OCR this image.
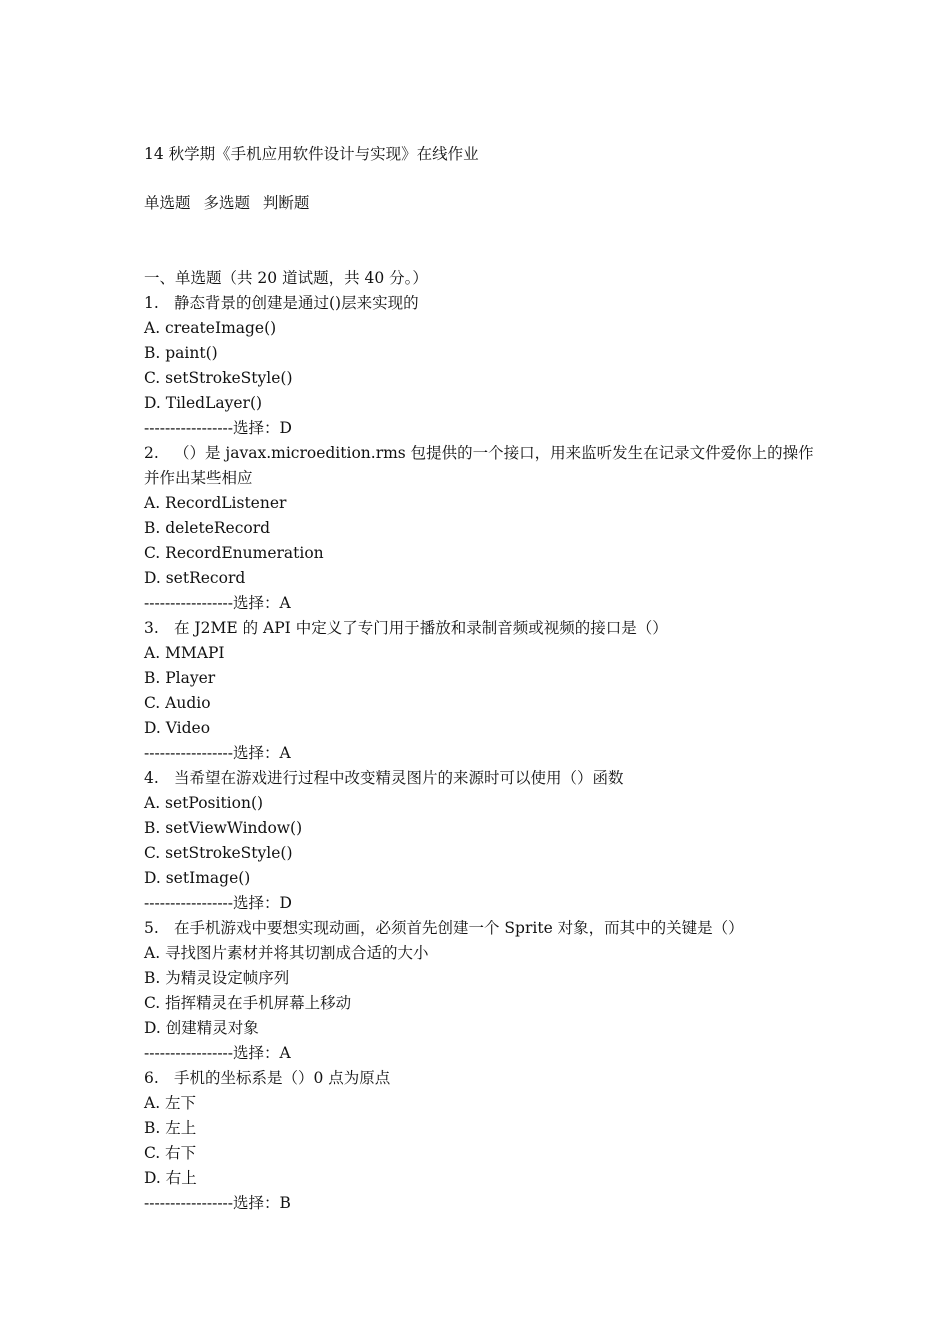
14 秋学期《手机应用软件设计与实现》在线作业
单选题 多选题 判断题
一、单选题（共 20 道试题，共 40 分。）
1. 静态背景的创建是通过()层来实现的
A. createImage()
B. paint()
C. setStrokeStyle()
D. TiledLayer()
-----------------选择：D
2. （）是 javax.microedition.rms 包提供的一个接口，用来监听发生在记录文件爱你上的操作并作出某些相应
A. RecordListener
B. deleteRecord
C. RecordEnumeration
D. setRecord
-----------------选择：A
3. 在 J2ME 的 API 中定义了专门用于播放和录制音频或视频的接口是（）
A. MMAPI
B. Player
C. Audio
D. Video
-----------------选择：A
4. 当希望在游戏进行过程中改变精灵图片的来源时可以使用（）函数
A. setPosition()
B. setViewWindow()
C. setStrokeStyle()
D. setImage()
-----------------选择：D
5. 在手机游戏中要想实现动画，必须首先创建一个 Sprite 对象，而其中的关键是（）
A. 寻找图片素材并将其切割成合适的大小
B. 为精灵设定帧序列
C. 指挥精灵在手机屏幕上移动
D. 创建精灵对象
-----------------选择：A
6. 手机的坐标系是（）0 点为原点
A. 左下
B. 左上
C. 右下
D. 右上
-----------------选择：B
